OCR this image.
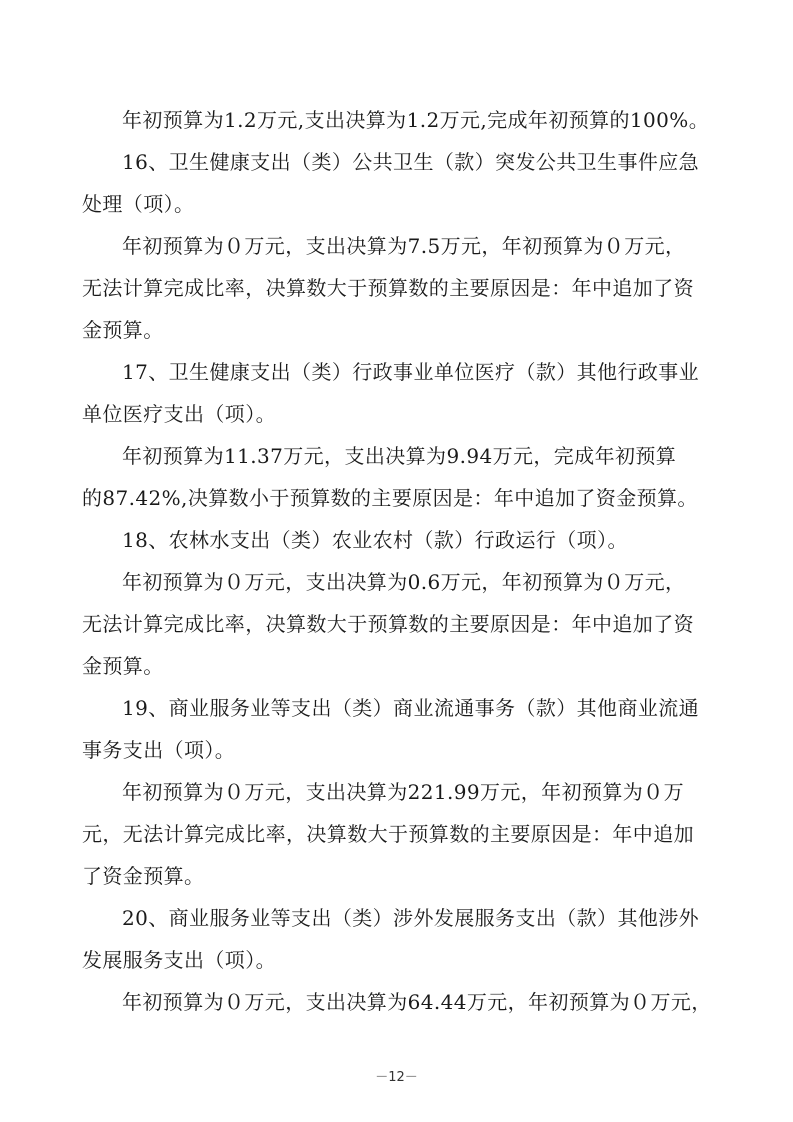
年初预算为1.2万元,支出决算为1.2万元,完成年初预算的100%。
16、卫生健康支出（类）公共卫生（款）突发公共卫生事件应急
处理（项）。
年初预算为０万元，支出决算为7.5万元，年初预算为０万元，
无法计算完成比率，决算数大于预算数的主要原因是：年中追加了资
金预算。
17、卫生健康支出（类）行政事业单位医疗（款）其他行政事业
单位医疗支出（项）。
年初预算为11.37万元，支出决算为9.94万元，完成年初预算
的87.42%,决算数小于预算数的主要原因是：年中追加了资金预算。
18、农林水支出（类）农业农村（款）行政运行（项）。
年初预算为０万元，支出决算为0.6万元，年初预算为０万元，
无法计算完成比率，决算数大于预算数的主要原因是：年中追加了资
金预算。
19、商业服务业等支出（类）商业流通事务（款）其他商业流通
事务支出（项）。
年初预算为０万元，支出决算为221.99万元，年初预算为０万
元，无法计算完成比率，决算数大于预算数的主要原因是：年中追加
了资金预算。
20、商业服务业等支出（类）涉外发展服务支出（款）其他涉外
发展服务支出（项）。
年初预算为０万元，支出决算为64.44万元，年初预算为０万元，
－12－
